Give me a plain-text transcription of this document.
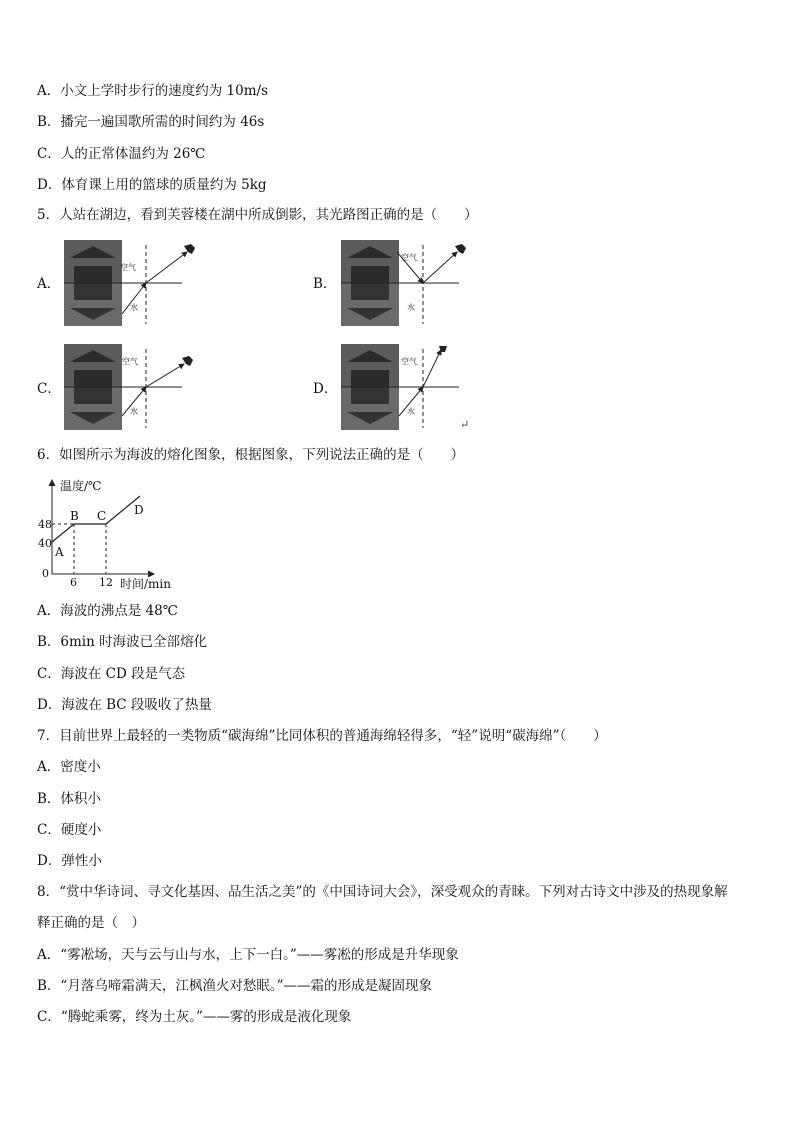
A．小文上学时步行的速度约为 10m/s
B．播完一遍国歌所需的时间约为 46s
C．人的正常体温约为 26℃
D．体育课上用的篮球的质量约为 5kg
5．人站在湖边，看到芙蓉楼在湖中所成倒影，其光路图正确的是（　　）
A．
空气
水
B．
空气
水
C．
空气
水
D．
空气
水
↵
6．如图所示为海波的熔化图象，根据图象，下列说法正确的是（　　）
温度/℃
时间/min
48
40
0
6 12
A
B C D
A．海波的沸点是 48℃
B．6min 时海波已全部熔化
C．海波在 CD 段是气态
D．海波在 BC 段吸收了热量
7．目前世界上最轻的一类物质“碳海绵”比同体积的普通海绵轻得多，“轻”说明“碳海绵”（　　）
A．密度小
B．体积小
C．硬度小
D．弹性小
8．“赏中华诗词、寻文化基因、品生活之美”的《中国诗词大会》，深受观众的青睐。下列对古诗文中涉及的热现象解
释正确的是（　）
A．“雾凇场，天与云与山与水，上下一白。”——雾凇的形成是升华现象
B．“月落乌啼霜满天，江枫渔火对愁眠。”——霜的形成是凝固现象
C．“腾蛇乘雾，终为土灰。”——雾的形成是液化现象
